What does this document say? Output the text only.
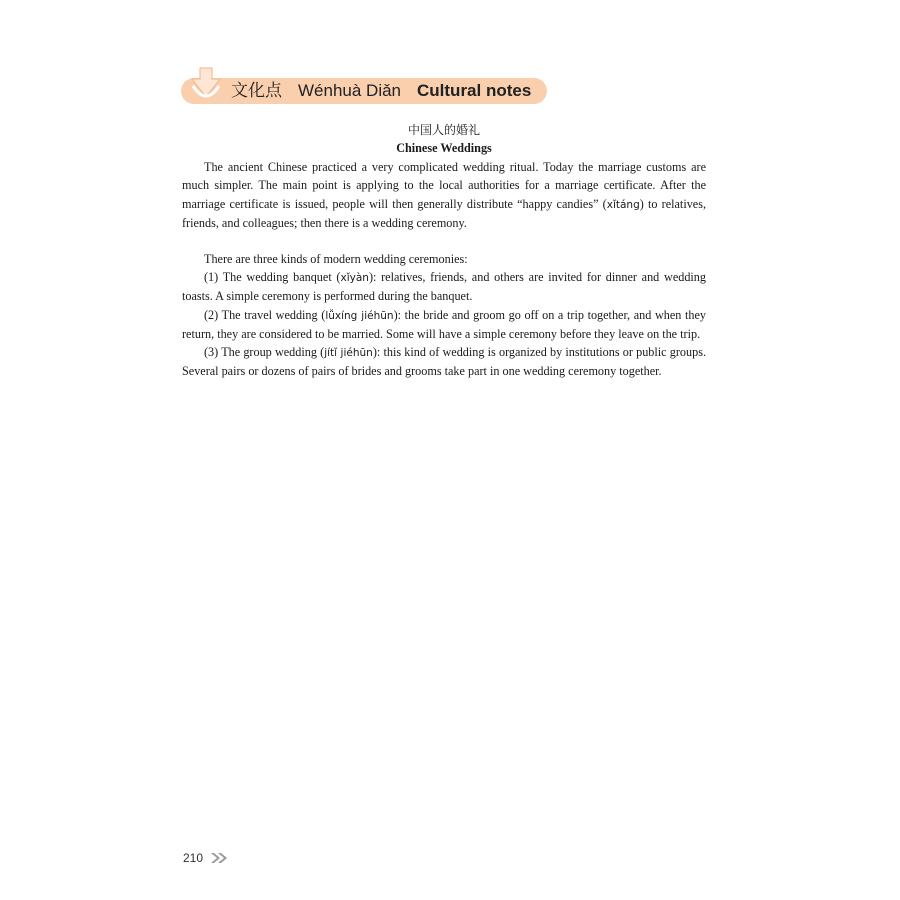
文化点 Wénhuà Diǎn Cultural notes
中国人的婚礼
Chinese Weddings

The ancient Chinese practiced a very complicated wedding ritual. Today the marriage customs are much simpler. The main point is applying to the local authorities for a marriage certificate. After the marriage certificate is issued, people will then generally distribute “happy candies” (xǐtáng) to relatives, friends, and colleagues; then there is a wedding ceremony.

There are three kinds of modern wedding ceremonies:

(1) The wedding banquet (xǐyàn): relatives, friends, and others are invited for dinner and wedding toasts. A simple ceremony is performed during the banquet.

(2) The travel wedding (lǚxíng jiéhūn): the bride and groom go off on a trip together, and when they return, they are considered to be married. Some will have a simple ceremony before they leave on the trip.

(3) The group wedding (jítǐ jiéhūn): this kind of wedding is organized by institutions or public groups. Several pairs or dozens of pairs of brides and grooms take part in one wedding ceremony together.

210
